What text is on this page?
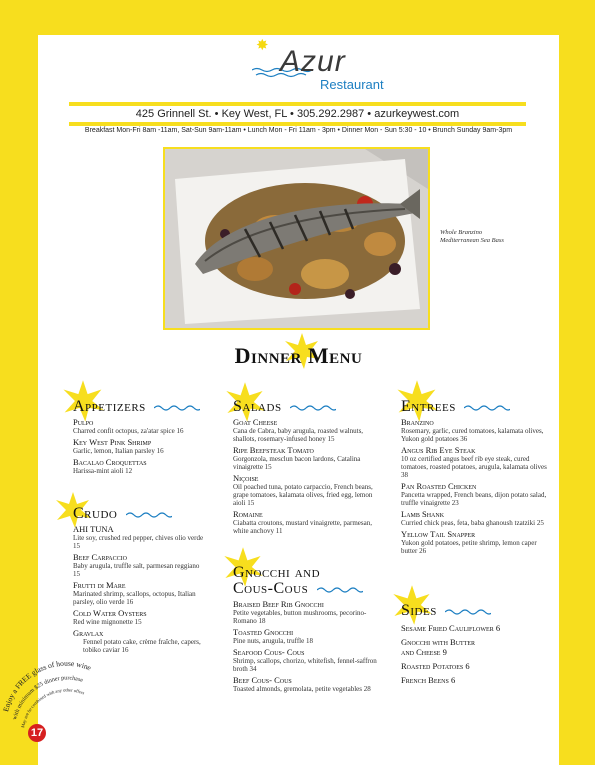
✸ Azur
Restaurant
425 Grinnell St. • Key West, FL • 305.292.2987 • azurkeywest.com
Breakfast Mon-Fri 8am -11am, Sat-Sun 9am-11am • Lunch Mon - Fri 11am - 3pm • Dinner Mon - Sun 5:30 - 10 • Brunch Sunday 9am-3pm
Whole Branzino
Mediterranean Sea Bass
Dinner Menu
Appetizers
Pulpo
Charred confit octopus, za'atar spice 16
Key West Pink Shrimp
Garlic, lemon, Italian parsley 16
Bacalao Croquettas
Harissa-mint aioli 12
Crudo
AHI TUNA
Lite soy, crushed red pepper, chives olio verde 15
Beef Carpaccio
Baby arugula, truffle salt, parmesan reggiano 15
Frutti di Mare
Marinated shrimp, scallops, octopus, Italian parsley, olio verde 16
Cold Water Oysters
Red wine mignonette 15
Gravlax
Fennel potato cake, crème fraîche, capers, tobiko caviar 16
Salads
Goat Cheese
Cana de Cabra, baby arugula, roasted walnuts, shallots, rosemary-infused honey 15
Ripe Beefsteak Tomato
Gorgonzola, mesclun bacon lardons, Catalina vinaigrette 15
Niçoise
Oil poached tuna, potato carpaccio, French beans, grape tomatoes, kalamata olives, fried egg, lemon aioli 15
Romaine
Ciabatta croutons, mustard vinaigrette, parmesan, white anchovy 11
Gnocchi and
Cous-Cous
Braised Beef Rib Gnocchi
Petite vegetables, button mushrooms, pecorino-Romano 18
Toasted Gnocchi
Pine nuts, arugula, truffle 18
Seafood Cous- Cous
Shrimp, scallops, chorizo, whitefish, fennel-saffron broth 34
Beef Cous- Cous
Toasted almonds, gremolata, petite vegetables 28
Entrees
Branzino
Rosemary, garlic, cured tomatoes, kalamata olives, Yukon gold potatoes 36
Angus Rib Eye Steak
10 oz certified angus beef rib eye steak, cured tomatoes, roasted potatoes, arugula, kalamata olives 38
Pan Roasted Chicken
Pancetta wrapped, French beans, dijon potato salad, truffle vinaigrette 23
Lamb Shank
Curried chick peas, feta, baba ghanoush tzatziki 25
Yellow Tail Snapper
Yukon gold potatoes, petite shrimp, lemon caper butter 26
Sides
Sesame Fried Cauliflower 6
Gnocchi with Butter
and Cheese 9
Roasted Potatoes 6
French Beens 6
Enjoy a FREE glass of house wine
with minimum $25 dinner purchase
May not be combined with any other offers
17
